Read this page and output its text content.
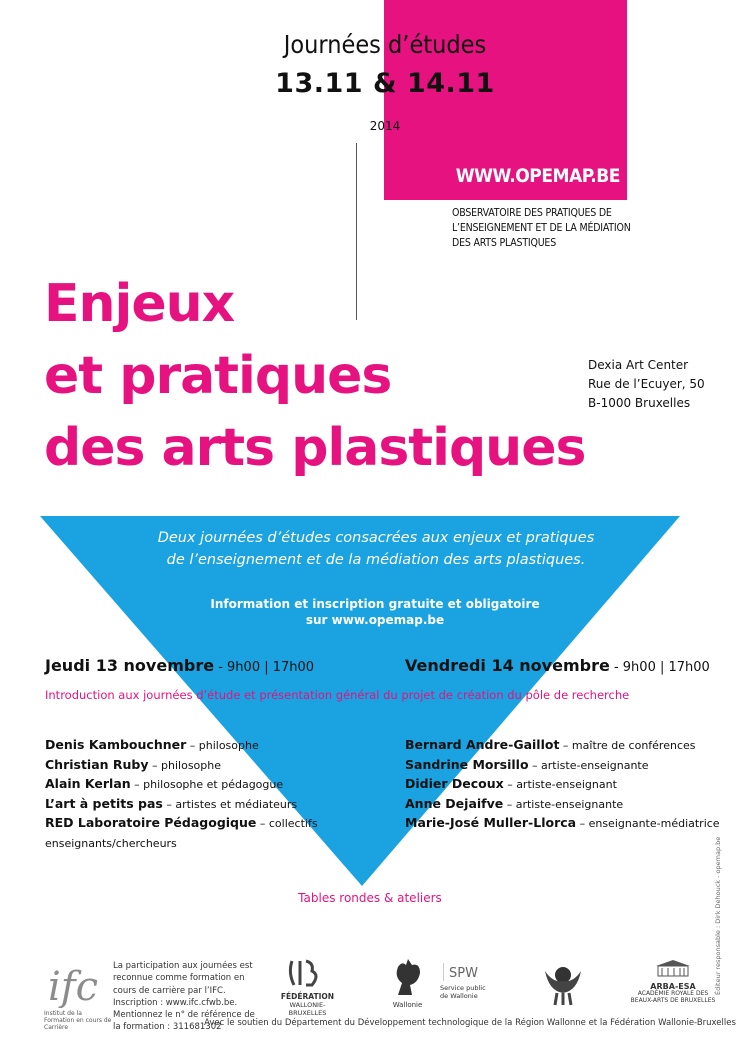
Journées d’études
13.11 & 14.11
2014
WWW.OPEMAP.BE
OBSERVATOIRE DES PRATIQUES DE
L’ENSEIGNEMENT ET DE LA MÉDIATION
DES ARTS PLASTIQUES
Enjeux
et pratiques
des arts plastiques
Dexia Art Center
Rue de l’Ecuyer, 50
B-1000 Bruxelles
Deux journées d’études consacrées aux enjeux et pratiques
de l’enseignement et de la médiation des arts plastiques.
Information et inscription gratuite et obligatoire
sur www.opemap.be
Jeudi 13 novembre - 9h00 | 17h00	Vendredi 14 novembre - 9h00 | 17h00
Introduction aux journées d’étude et présentation général du projet de création du pôle de recherche
Denis Kambouchner – philosophe
Christian Ruby – philosophe
Alain Kerlan – philosophe et pédagogue
L’art à petits pas – artistes et médiateurs
RED Laboratoire Pédagogique – collectifs enseignants/chercheurs
Bernard Andre-Gaillot – maître de conférences
Sandrine Morsillo – artiste-enseignante
Didier Decoux – artiste-enseignant
Anne Dejaifve – artiste-enseignante
Marie-José Muller-Llorca – enseignante-médiatrice
Tables rondes & ateliers	Éditeur responsable : Dirk Dehouck - opemap.be
ifc
Institut de la Formation en cours de Carrière
La participation aux journées est reconnue comme formation en cours de carrière par l’IFC. Inscription : www.ifc.cfwb.be. Mentionnez le n° de référence de la formation : 311681302
FÉDÉRATION
WALLONIE-BRUXELLES
Wallonie
SPW
Service public
de Wallonie
ARBA-ESA
ACADÉMIE ROYALE DES BEAUX-ARTS DE BRUXELLES
Avec le soutien du Département du Développement technologique de la Région Wallonne et la Fédération Wallonie-Bruxelles
